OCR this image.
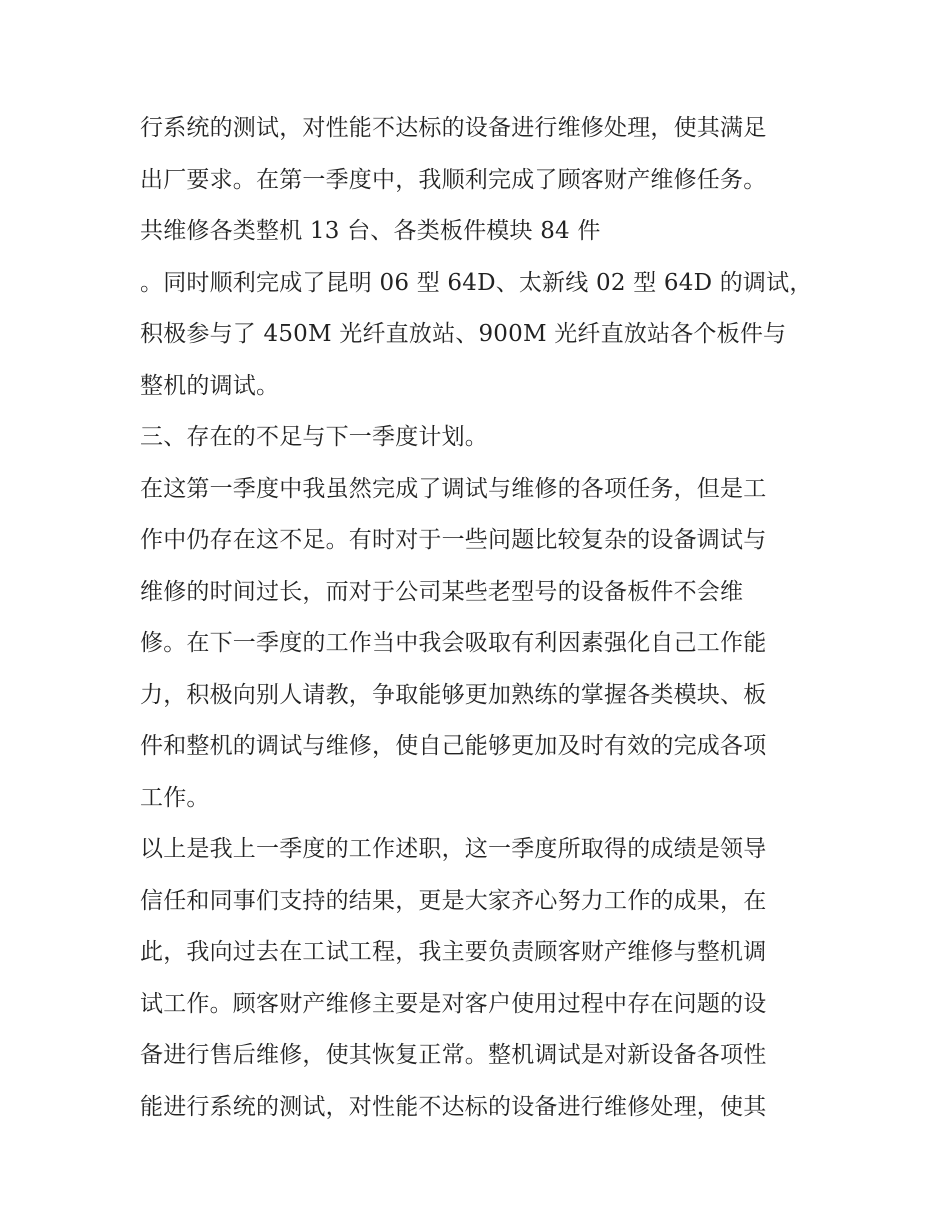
行系统的测试，对性能不达标的设备进行维修处理，使其满足
出厂要求。在第一季度中，我顺利完成了顾客财产维修任务。
共维修各类整机 13 台、各类板件模块 84 件
。同时顺利完成了昆明 06 型 64D、太新线 02 型 64D 的调试，
积极参与了 450M 光纤直放站、900M 光纤直放站各个板件与
整机的调试。
三、存在的不足与下一季度计划。
在这第一季度中我虽然完成了调试与维修的各项任务，但是工
作中仍存在这不足。有时对于一些问题比较复杂的设备调试与
维修的时间过长，而对于公司某些老型号的设备板件不会维
修。在下一季度的工作当中我会吸取有利因素强化自己工作能
力，积极向别人请教，争取能够更加熟练的掌握各类模块、板
件和整机的调试与维修，使自己能够更加及时有效的完成各项
工作。
以上是我上一季度的工作述职，这一季度所取得的成绩是领导
信任和同事们支持的结果，更是大家齐心努力工作的成果，在
此，我向过去在工试工程，我主要负责顾客财产维修与整机调
试工作。顾客财产维修主要是对客户使用过程中存在问题的设
备进行售后维修，使其恢复正常。整机调试是对新设备各项性
能进行系统的测试，对性能不达标的设备进行维修处理，使其
